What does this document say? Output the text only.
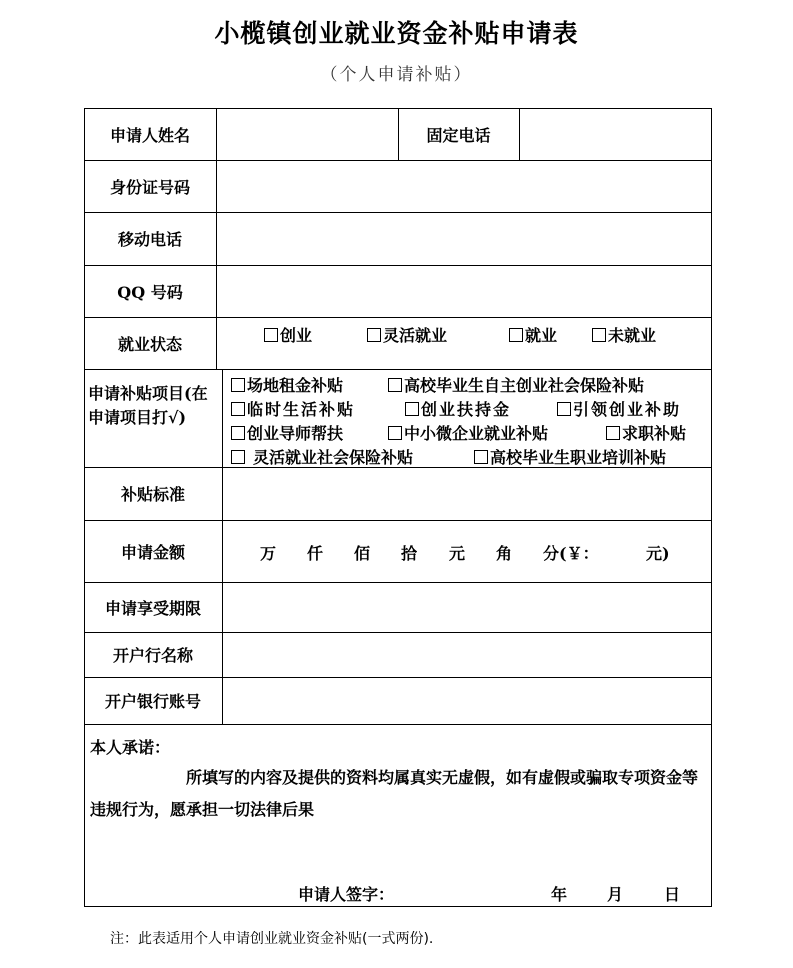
小榄镇创业就业资金补贴申请表
（个人申请补贴）
申请人姓名	固定电话
身份证号码
移动电话
QQ 号码
就业状态	创业	灵活就业	就业	未就业
申请补贴项目(在申请项目打√)
场地租金补贴	高校毕业生自主创业社会保险补贴
临时生活补贴	创业扶持金	引领创业补助
创业导师帮扶	中小微企业就业补贴	求职补贴
灵活就业社会保险补贴	高校毕业生职业培训补贴
补贴标准
申请金额	万 仟 佰 拾 元 角 分(￥：	元)
申请享受期限
开户行名称
开户银行账号
本人承诺：
所填写的内容及提供的资料均属真实无虚假，如有虚假或骗取专项资金等违规行为，愿承担一切法律后果
申请人签字：	年 月	日
注：此表适用个人申请创业就业资金补贴(一式两份).
